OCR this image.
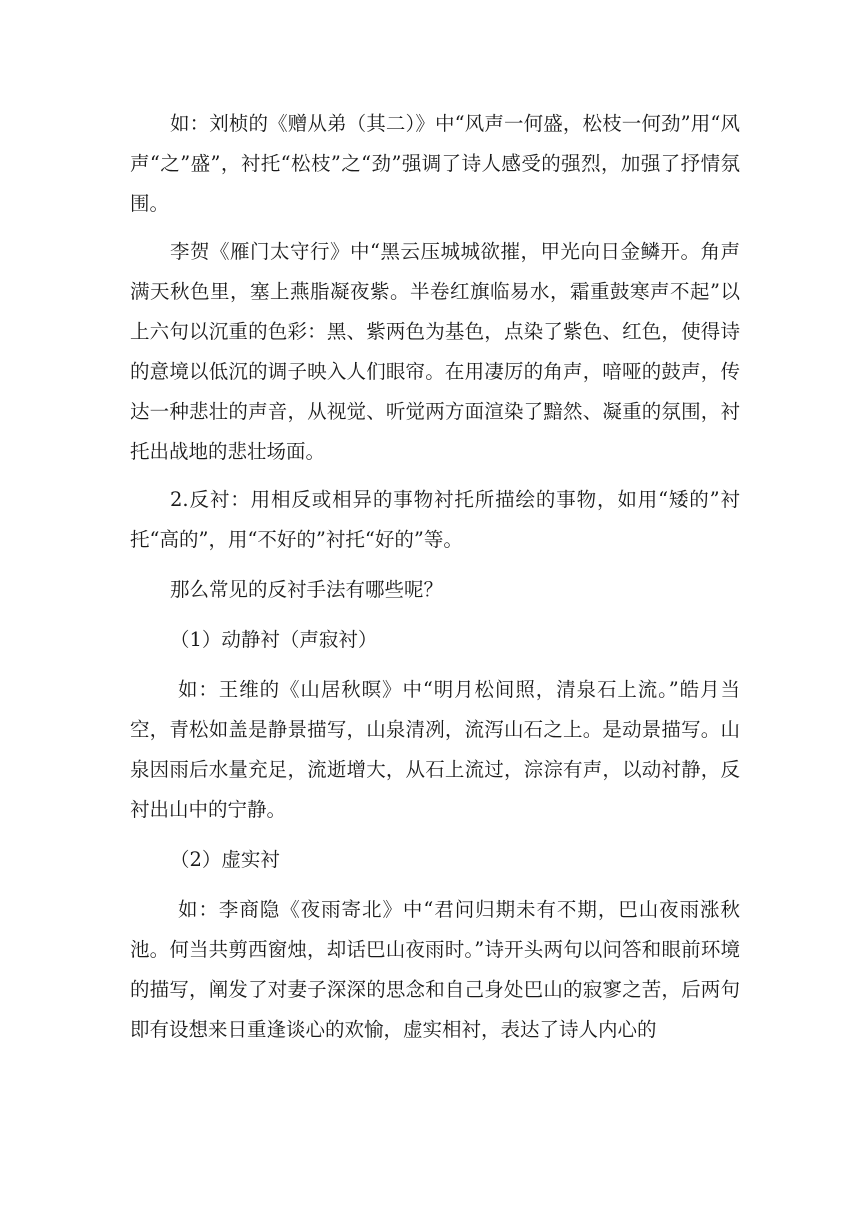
如：刘桢的《赠从弟（其二）》中“风声一何盛，松枝一何劲”用“风声“之”盛”，衬托“松枝”之“劲”强调了诗人感受的强烈，加强了抒情氛围。

李贺《雁门太守行》中“黑云压城城欲摧，甲光向日金鳞开。角声满天秋色里，塞上燕脂凝夜紫。半卷红旗临易水，霜重鼓寒声不起”以上六句以沉重的色彩：黑、紫两色为基色，点染了紫色、红色，使得诗的意境以低沉的调子映入人们眼帘。在用凄厉的角声，喑哑的鼓声，传达一种悲壮的声音，从视觉、听觉两方面渲染了黯然、凝重的氛围，衬托出战地的悲壮场面。

2.反衬：用相反或相异的事物衬托所描绘的事物，如用“矮的”衬托“高的”，用“不好的”衬托“好的”等。

那么常见的反衬手法有哪些呢？

（1）动静衬（声寂衬）

如：王维的《山居秋暝》中“明月松间照，清泉石上流。”皓月当空，青松如盖是静景描写，山泉清冽，流泻山石之上。是动景描写。山泉因雨后水量充足，流逝增大，从石上流过，淙淙有声，以动衬静，反衬出山中的宁静。

（2）虚实衬

如：李商隐《夜雨寄北》中“君问归期未有不期，巴山夜雨涨秋池。何当共剪西窗烛，却话巴山夜雨时。”诗开头两句以问答和眼前环境的描写，阐发了对妻子深深的思念和自己身处巴山的寂寥之苦，后两句即有设想来日重逢谈心的欢愉，虚实相衬，表达了诗人内心的
